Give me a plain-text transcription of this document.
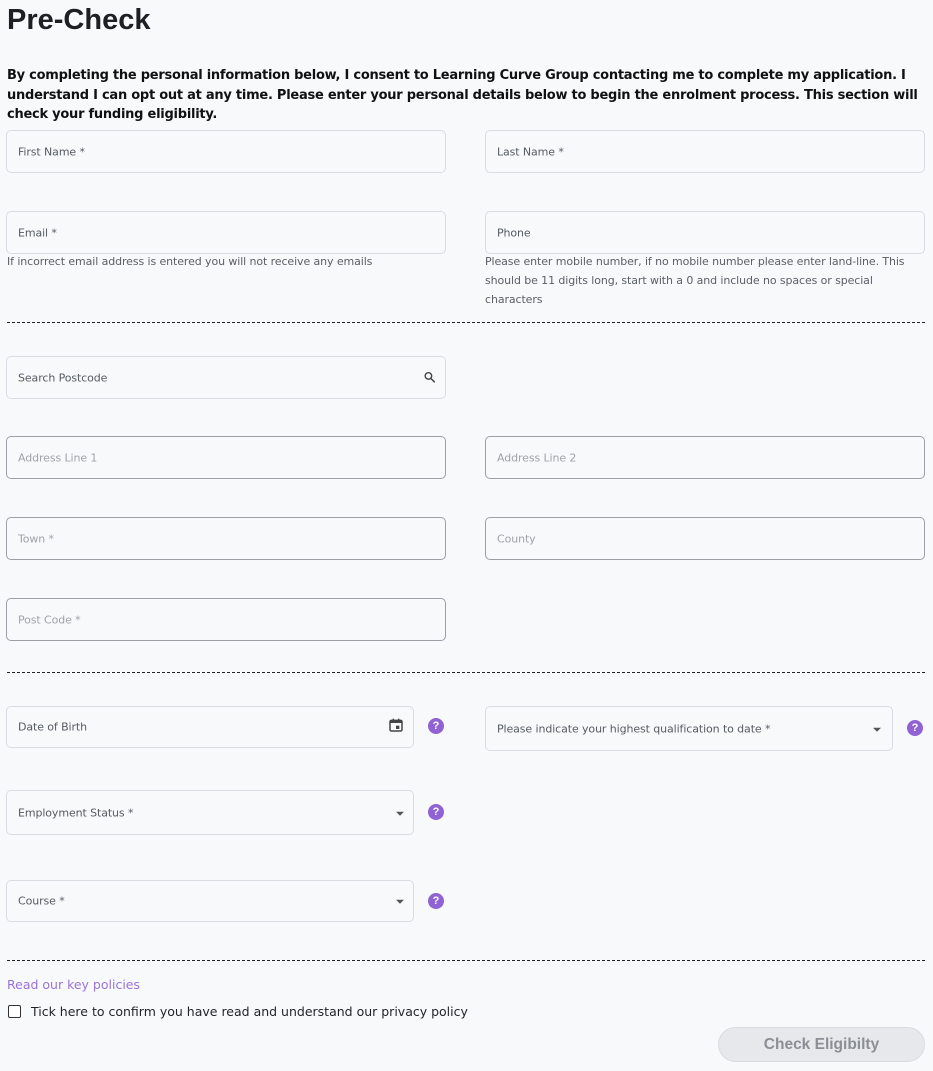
Pre-Check
By completing the personal information below, I consent to Learning Curve Group contacting me to complete my application. I understand I can opt out at any time. Please enter your personal details below to begin the enrolment process. This section will check your funding eligibility.
First Name *	Last Name *
Email *
If incorrect email address is entered you will not receive any emails
Phone
Please enter mobile number, if no mobile number please enter land-line. This should be 11 digits long, start with a 0 and include no spaces or special characters
Search Postcode
Address Line 1	Address Line 2
Town *	County
Post Code *
Date of Birth	?	Please indicate your highest qualification to date *	?
Employment Status *	?
Course *	?
Read our key policies
Tick here to confirm you have read and understand our privacy policy
Check Eligibilty
